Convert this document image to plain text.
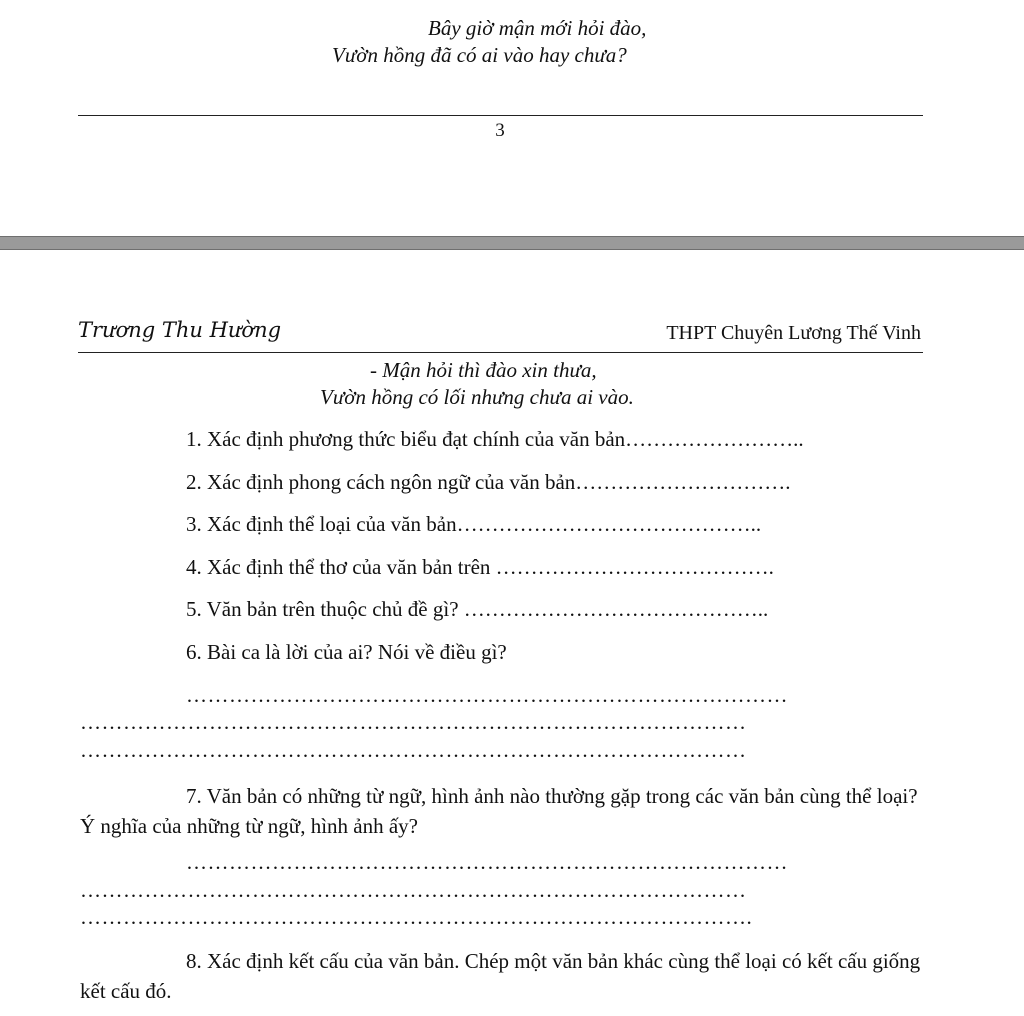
Bây giờ mận mới hỏi đào,
Vườn hồng đã có ai vào hay chưa?
3
Trương Thu Hường	THPT Chuyên Lương Thế Vinh
- Mận hỏi thì đào xin thưa,
Vườn hồng có lối nhưng chưa ai vào.
1. Xác định phương thức biểu đạt chính của văn bản……………………..
2. Xác định phong cách ngôn ngữ của văn bản………………………….
3. Xác định thể loại của văn bản……………………………………..
4. Xác định thể thơ của văn bản trên ………………………………….
5. Văn bản trên thuộc chủ đề gì? ……………………………………..
6. Bài ca là lời của ai? Nói về điều gì?
…………………………………………………………………………
…………………………………………………………………………………
…………………………………………………………………………………
7. Văn bản có những từ ngữ, hình ảnh nào thường gặp trong các văn bản cùng thể loại? Ý nghĩa của những từ ngữ, hình ảnh ấy?
…………………………………………………………………………
…………………………………………………………………………………
………………………………………………………………………………….
8. Xác định kết cấu của văn bản. Chép một văn bản khác cùng thể loại có kết cấu giống kết cấu đó.
